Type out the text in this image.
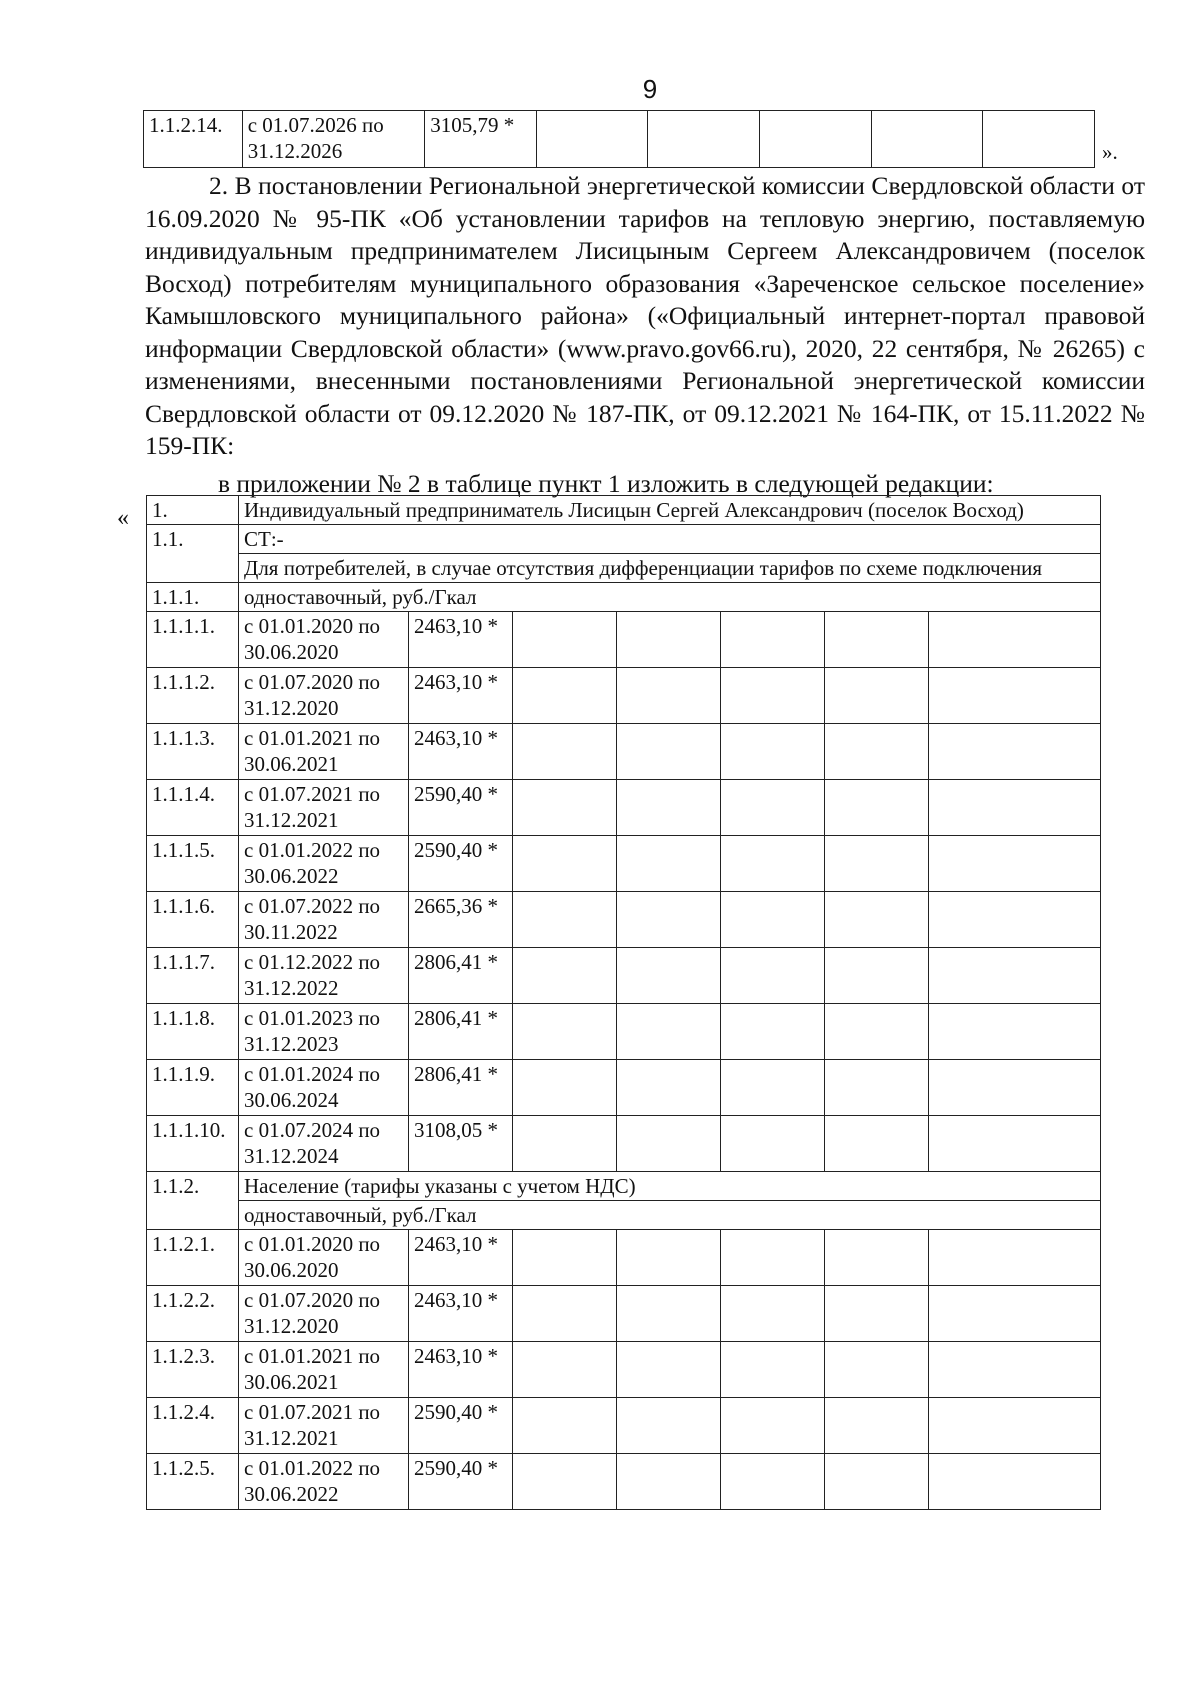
9
1.1.2.14.	с 01.07.2026 по 31.12.2026	3105,79 *					
».

2. В постановлении Региональной энергетической комиссии Свердловской области от 16.09.2020 № 95-ПК «Об установлении тарифов на тепловую энергию, поставляемую индивидуальным предпринимателем Лисицыным Сергеем Александровичем (поселок Восход) потребителям муниципального образования «Зареченское сельское поселение» Камышловского муниципального района» («Официальный интернет-портал правовой информации Свердловской области» (www.pravo.gov66.ru), 2020, 22 сентября, № 26265) с изменениями, внесенными постановлениями Региональной энергетической комиссии Свердловской области от 09.12.2020 № 187-ПК, от 09.12.2021 № 164-ПК, от 15.11.2022 № 159-ПК:

в приложении № 2 в таблице пункт 1 изложить в следующей редакции:

« 1.	Индивидуальный предприниматель Лисицын Сергей Александрович (поселок Восход)						
1.1.	СТ:-						
	Для потребителей, в случае отсутствия дифференциации тарифов по схеме подключения						
1.1.1.	одноставочный, руб./Гкал						
1.1.1.1.	с 01.01.2020 по 30.06.2020	2463,10 *					
1.1.1.2.	с 01.07.2020 по 31.12.2020	2463,10 *					
1.1.1.3.	с 01.01.2021 по 30.06.2021	2463,10 *					
1.1.1.4.	с 01.07.2021 по 31.12.2021	2590,40 *					
1.1.1.5.	с 01.01.2022 по 30.06.2022	2590,40 *					
1.1.1.6.	с 01.07.2022 по 30.11.2022	2665,36 *					
1.1.1.7.	с 01.12.2022 по 31.12.2022	2806,41 *					
1.1.1.8.	с 01.01.2023 по 31.12.2023	2806,41 *					
1.1.1.9.	с 01.01.2024 по 30.06.2024	2806,41 *					
1.1.1.10.	с 01.07.2024 по 31.12.2024	3108,05 *					
1.1.2.	Население (тарифы указаны с учетом НДС)						
	одноставочный, руб./Гкал						
1.1.2.1.	с 01.01.2020 по 30.06.2020	2463,10 *					
1.1.2.2.	с 01.07.2020 по 31.12.2020	2463,10 *					
1.1.2.3.	с 01.01.2021 по 30.06.2021	2463,10 *					
1.1.2.4.	с 01.07.2021 по 31.12.2021	2590,40 *					
1.1.2.5.	с 01.01.2022 по 30.06.2022	2590,40 *					
